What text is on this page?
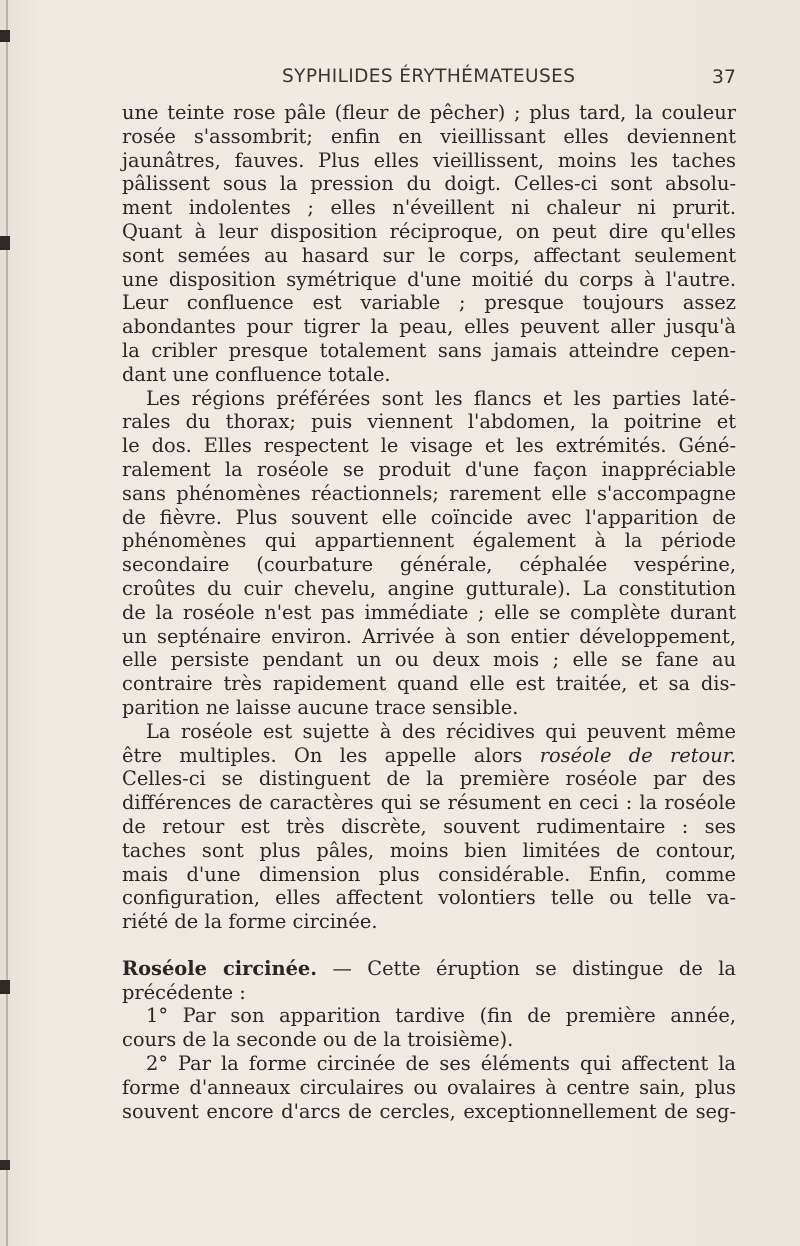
SYPHILIDES ÉRYTHÉMATEUSES	37
une teinte rose pâle (fleur de pêcher) ; plus tard, la couleur
rosée s'assombrit; enfin en vieillissant elles deviennent
jaunâtres, fauves. Plus elles vieillissent, moins les taches
pâlissent sous la pression du doigt. Celles-ci sont absolu-
ment indolentes ; elles n'éveillent ni chaleur ni prurit.
Quant à leur disposition réciproque, on peut dire qu'elles
sont semées au hasard sur le corps, affectant seulement
une disposition symétrique d'une moitié du corps à l'autre.
Leur confluence est variable ; presque toujours assez
abondantes pour tigrer la peau, elles peuvent aller jusqu'à
la cribler presque totalement sans jamais atteindre cepen-
dant une confluence totale.
Les régions préférées sont les flancs et les parties laté-
rales du thorax; puis viennent l'abdomen, la poitrine et
le dos. Elles respectent le visage et les extrémités. Géné-
ralement la roséole se produit d'une façon inappréciable
sans phénomènes réactionnels; rarement elle s'accompagne
de fièvre. Plus souvent elle coïncide avec l'apparition de
phénomènes qui appartiennent également à la période
secondaire (courbature générale, céphalée vespérine,
croûtes du cuir chevelu, angine gutturale). La constitution
de la roséole n'est pas immédiate ; elle se complète durant
un septénaire environ. Arrivée à son entier développement,
elle persiste pendant un ou deux mois ; elle se fane au
contraire très rapidement quand elle est traitée, et sa dis-
parition ne laisse aucune trace sensible.
La roséole est sujette à des récidives qui peuvent même
être multiples. On les appelle alors roséole de retour.
Celles-ci se distinguent de la première roséole par des
différences de caractères qui se résument en ceci : la roséole
de retour est très discrète, souvent rudimentaire : ses
taches sont plus pâles, moins bien limitées de contour,
mais d'une dimension plus considérable. Enfin, comme
configuration, elles affectent volontiers telle ou telle va-
riété de la forme circinée.
Roséole circinée. — Cette éruption se distingue de la
précédente :
1° Par son apparition tardive (fin de première année,
cours de la seconde ou de la troisième).
2° Par la forme circinée de ses éléments qui affectent la
forme d'anneaux circulaires ou ovalaires à centre sain, plus
souvent encore d'arcs de cercles, exceptionnellement de seg-
